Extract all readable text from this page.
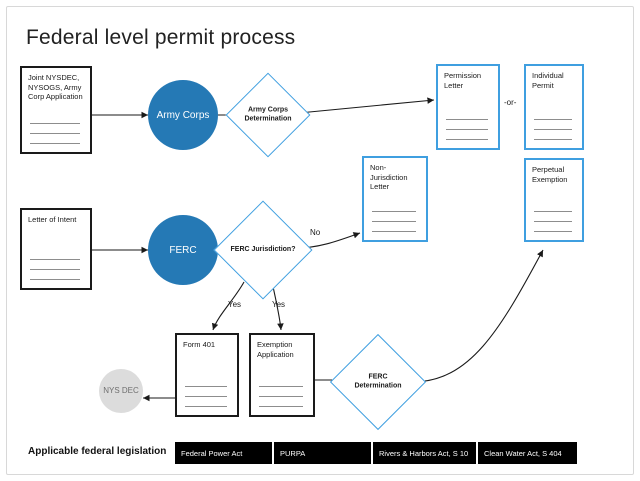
Federal level permit process
Joint NYSDEC, NYSOGS, Army Corp Application
Army Corps	Army Corps Determination
Permission Letter
-or-
Individual Permit
Letter of Intent
FERC	FERC Jurisdiction?
No
Non-Jurisdiction Letter
Perpetual Exemption
Yes	Yes
Form 401	Exemption Application
FERC Determination
NYS DEC
Applicable federal legislation	Federal Power Act	PURPA	Rivers & Harbors Act, S 10	Clean Water Act, S 404
